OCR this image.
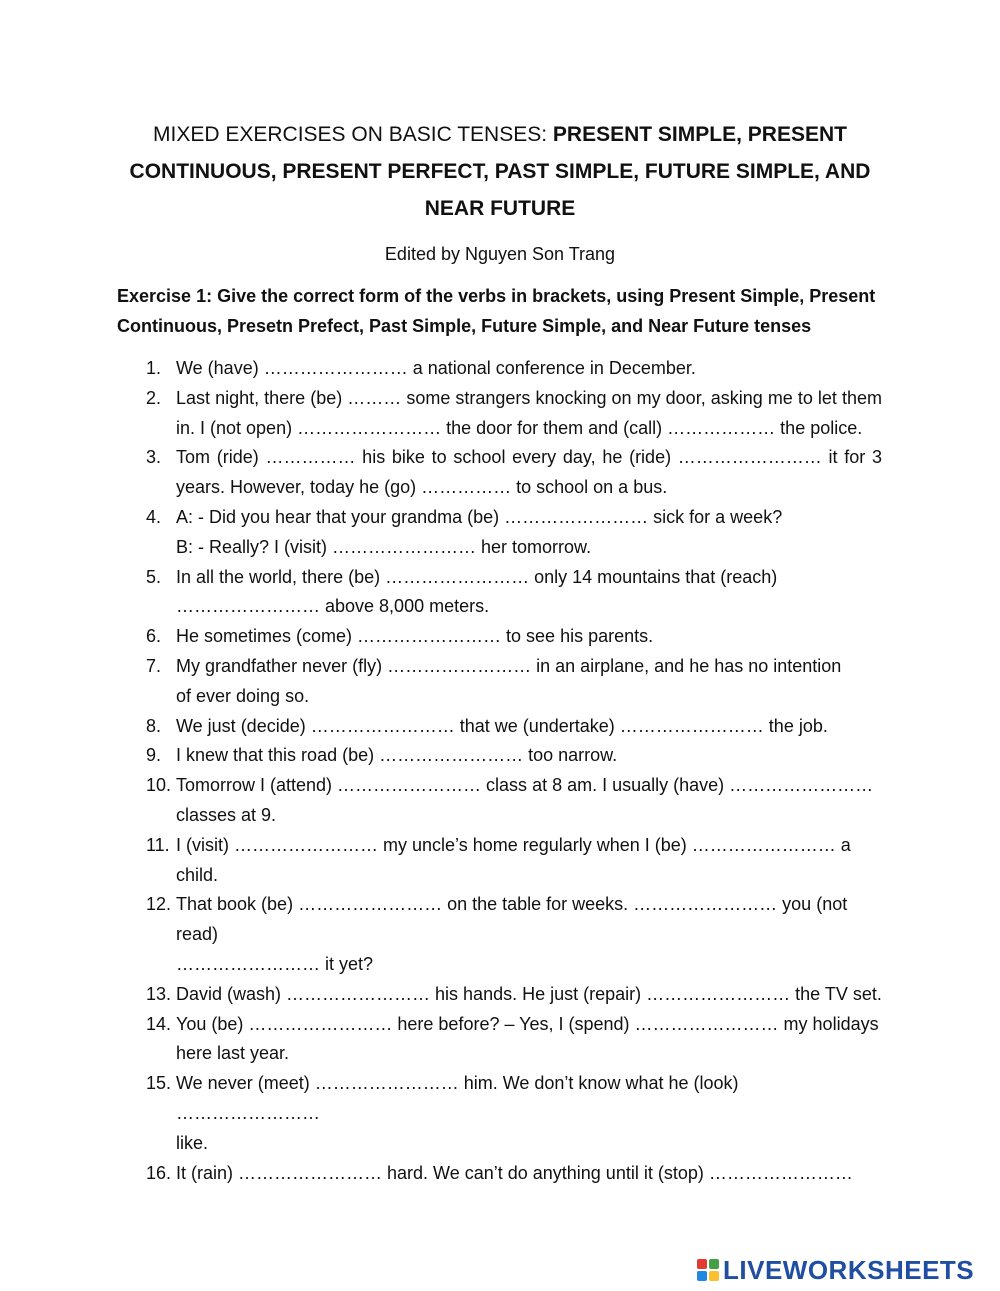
MIXED EXERCISES ON BASIC TENSES: PRESENT SIMPLE, PRESENT CONTINUOUS, PRESENT PERFECT, PAST SIMPLE, FUTURE SIMPLE, AND NEAR FUTURE
Edited by Nguyen Son Trang
Exercise 1: Give the correct form of the verbs in brackets, using Present Simple, Present Continuous, Presetn Prefect, Past Simple, Future Simple, and Near Future tenses
1. We (have) …………………… a national conference in December.
2. Last night, there (be) ……… some strangers knocking on my door, asking me to let them in. I (not open) …………………… the door for them and (call) ……………… the police.
3. Tom (ride) …………… his bike to school every day, he (ride) …………………… it for 3 years. However, today he (go) …………… to school on a bus.
4. A: - Did you hear that your grandma (be) …………………… sick for a week?
B: - Really? I (visit) …………………… her tomorrow.
5. In all the world, there (be) …………………… only 14 mountains that (reach)
…………………… above 8,000 meters.
6. He sometimes (come) …………………… to see his parents.
7. My grandfather never (fly) …………………… in an airplane, and he has no intention
of ever doing so.
8. We just (decide) …………………… that we (undertake) …………………… the job.
9. I knew that this road (be) …………………… too narrow.
10. Tomorrow I (attend) …………………… class at 8 am. I usually (have) ……………………
classes at 9.
11. I (visit) …………………… my uncle’s home regularly when I (be) …………………… a child.
12. That book (be) …………………… on the table for weeks. …………………… you (not read)
…………………… it yet?
13. David (wash) …………………… his hands. He just (repair) …………………… the TV set.
14. You (be) …………………… here before? – Yes, I (spend) …………………… my holidays
here last year.
15. We never (meet) …………………… him. We don’t know what he (look) ……………………
like.
16. It (rain) …………………… hard. We can’t do anything until it (stop) ……………………
LIVEWORKSHEETS
